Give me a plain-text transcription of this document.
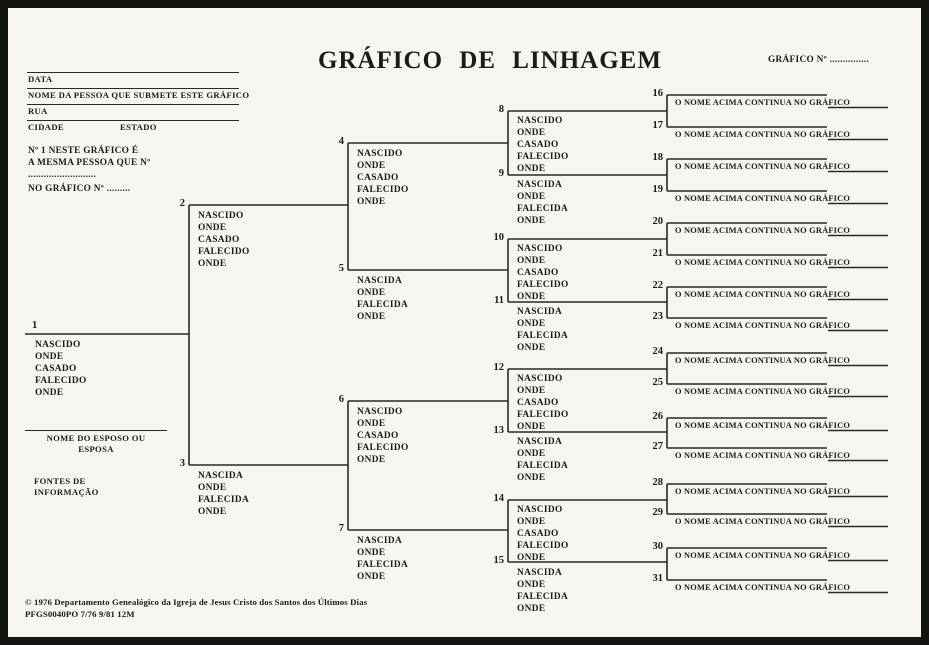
GRÁFICO DE LINHAGEM	GRÁFICO Nº ...............
DATA
NOME DA PESSOA QUE SUBMETE ESTE GRÁFICO
RUA
CIDADE	ESTADO
Nº 1 NESTE GRÁFICO É
A MESMA PESSOA QUE Nº
..........................
NO GRÁFICO Nº .........
NOME DO ESPOSO OU
ESPOSA
FONTES DE
INFORMAÇÃO
© 1976 Departamento Genealógico da Igreja de Jesus Cristo dos Santos dos Últimos Dias
PFGS0040PO 7/76 9/81 12M
1
NASCIDO
ONDE
CASADO
FALECIDO
ONDE
2
NASCIDO
ONDE
CASADO
FALECIDO
ONDE
3
NASCIDA
ONDE
FALECIDA
ONDE
4
NASCIDO
ONDE
CASADO
FALECIDO
ONDE
5
NASCIDA
ONDE
FALECIDA
ONDE
6
NASCIDO
ONDE
CASADO
FALECIDO
ONDE
7
NASCIDA
ONDE
FALECIDA
ONDE
8
NASCIDO
ONDE
CASADO
FALECIDO
ONDE
9
NASCIDA
ONDE
FALECIDA
ONDE
10
NASCIDO
ONDE
CASADO
FALECIDO
ONDE
11
NASCIDA
ONDE
FALECIDA
ONDE
12
NASCIDO
ONDE
CASADO
FALECIDO
ONDE
13
NASCIDA
ONDE
FALECIDA
ONDE
14
NASCIDO
ONDE
CASADO
FALECIDO
ONDE
15
NASCIDA
ONDE
FALECIDA
ONDE
16
O NOME ACIMA CONTINUA NO GRÁFICO
17
O NOME ACIMA CONTINUA NO GRÁFICO
18
O NOME ACIMA CONTINUA NO GRÁFICO
19
O NOME ACIMA CONTINUA NO GRÁFICO
20
O NOME ACIMA CONTINUA NO GRÁFICO
21
O NOME ACIMA CONTINUA NO GRÁFICO
22
O NOME ACIMA CONTINUA NO GRÁFICO
23
O NOME ACIMA CONTINUA NO GRÁFICO
24
O NOME ACIMA CONTINUA NO GRÁFICO
25
O NOME ACIMA CONTINUA NO GRÁFICO
26
O NOME ACIMA CONTINUA NO GRÁFICO
27
O NOME ACIMA CONTINUA NO GRÁFICO
28
O NOME ACIMA CONTINUA NO GRÁFICO
29
O NOME ACIMA CONTINUA NO GRÁFICO
30
O NOME ACIMA CONTINUA NO GRÁFICO
31
O NOME ACIMA CONTINUA NO GRÁFICO
